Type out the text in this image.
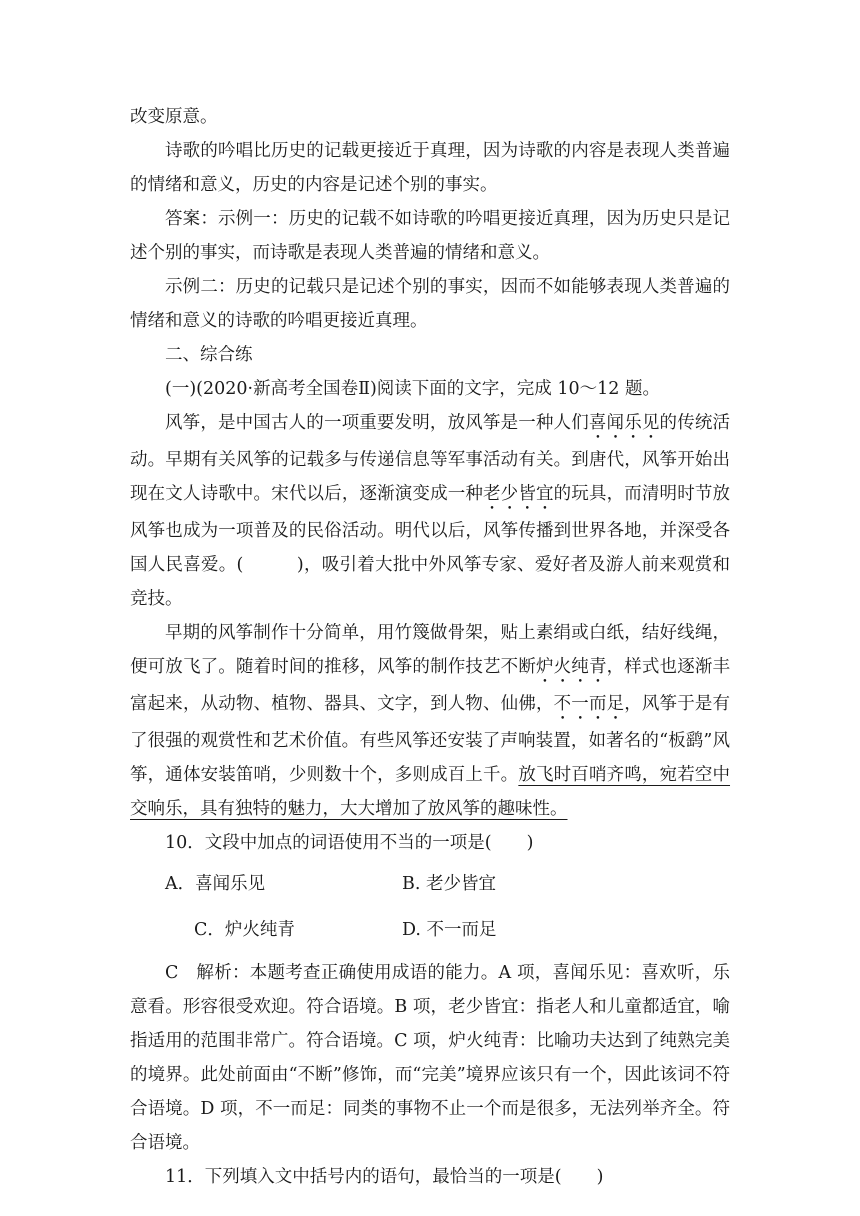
改变原意。

诗歌的吟唱比历史的记载更接近于真理，因为诗歌的内容是表现人类普遍的情绪和意义，历史的内容是记述个别的事实。

答案：示例一：历史的记载不如诗歌的吟唱更接近真理，因为历史只是记述个别的事实，而诗歌是表现人类普遍的情绪和意义。

示例二：历史的记载只是记述个别的事实，因而不如能够表现人类普遍的情绪和意义的诗歌的吟唱更接近真理。

二、综合练

(一)(2020·新高考全国卷Ⅱ)阅读下面的文字，完成 10～12 题。

风筝，是中国古人的一项重要发明，放风筝是一种人们喜闻乐见的传统活动。早期有关风筝的记载多与传递信息等军事活动有关。到唐代，风筝开始出现在文人诗歌中。宋代以后，逐渐演变成一种老少皆宜的玩具，而清明时节放风筝也成为一项普及的民俗活动。明代以后，风筝传播到世界各地，并深受各国人民喜爱。(　　　)，吸引着大批中外风筝专家、爱好者及游人前来观赏和竞技。

早期的风筝制作十分简单，用竹篾做骨架，贴上素绢或白纸，结好线绳，便可放飞了。随着时间的推移，风筝的制作技艺不断炉火纯青，样式也逐渐丰富起来，从动物、植物、器具、文字，到人物、仙佛，不一而足，风筝于是有了很强的观赏性和艺术价值。有些风筝还安装了声响装置，如著名的“板鹞”风筝，通体安装笛哨，少则数十个，多则成百上千。放飞时百哨齐鸣，宛若空中交响乐，具有独特的魅力，大大增加了放风筝的趣味性。

10．文段中加点的词语使用不当的一项是(　　)

A．喜闻乐见	B. 老少皆宜
C．炉火纯青	D. 不一而足

C　解析：本题考查正确使用成语的能力。A 项，喜闻乐见：喜欢听，乐意看。形容很受欢迎。符合语境。B 项，老少皆宜：指老人和儿童都适宜，喻指适用的范围非常广。符合语境。C 项，炉火纯青：比喻功夫达到了纯熟完美的境界。此处前面由“不断”修饰，而“完美”境界应该只有一个，因此该词不符合语境。D 项，不一而足：同类的事物不止一个而是很多，无法列举齐全。符合语境。

11．下列填入文中括号内的语句，最恰当的一项是(　　)
